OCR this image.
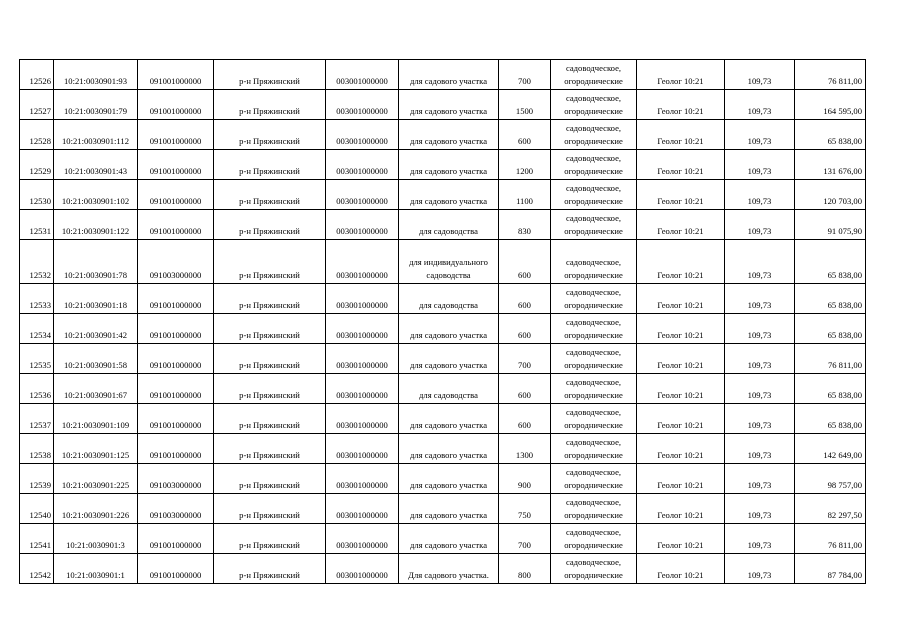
12526	10:21:0030901:93	091001000000	р-н Пряжинский	003001000000	для садового участка	700	садоводческое, огороднические	Геолог 10:21	109,73	76 811,00
12527	10:21:0030901:79	091001000000	р-н Пряжинский	003001000000	для садового участка	1500	садоводческое, огороднические	Геолог 10:21	109,73	164 595,00
12528	10:21:0030901:112	091001000000	р-н Пряжинский	003001000000	для садового участка	600	садоводческое, огороднические	Геолог 10:21	109,73	65 838,00
12529	10:21:0030901:43	091001000000	р-н Пряжинский	003001000000	для садового участка	1200	садоводческое, огороднические	Геолог 10:21	109,73	131 676,00
12530	10:21:0030901:102	091001000000	р-н Пряжинский	003001000000	для садового участка	1100	садоводческое, огороднические	Геолог 10:21	109,73	120 703,00
12531	10:21:0030901:122	091001000000	р-н Пряжинский	003001000000	для садоводства	830	садоводческое, огороднические	Геолог 10:21	109,73	91 075,90
12532	10:21:0030901:78	091003000000	р-н Пряжинский	003001000000	для индивидуального садоводства	600	садоводческое, огороднические	Геолог 10:21	109,73	65 838,00
12533	10:21:0030901:18	091001000000	р-н Пряжинский	003001000000	для садоводства	600	садоводческое, огороднические	Геолог 10:21	109,73	65 838,00
12534	10:21:0030901:42	091001000000	р-н Пряжинский	003001000000	для садового участка	600	садоводческое, огороднические	Геолог 10:21	109,73	65 838,00
12535	10:21:0030901:58	091001000000	р-н Пряжинский	003001000000	для садового участка	700	садоводческое, огороднические	Геолог 10:21	109,73	76 811,00
12536	10:21:0030901:67	091001000000	р-н Пряжинский	003001000000	для садоводства	600	садоводческое, огороднические	Геолог 10:21	109,73	65 838,00
12537	10:21:0030901:109	091001000000	р-н Пряжинский	003001000000	для садового участка	600	садоводческое, огороднические	Геолог 10:21	109,73	65 838,00
12538	10:21:0030901:125	091001000000	р-н Пряжинский	003001000000	для садового участка	1300	садоводческое, огороднические	Геолог 10:21	109,73	142 649,00
12539	10:21:0030901:225	091003000000	р-н Пряжинский	003001000000	для садового участка	900	садоводческое, огороднические	Геолог 10:21	109,73	98 757,00
12540	10:21:0030901:226	091003000000	р-н Пряжинский	003001000000	для садового участка	750	садоводческое, огороднические	Геолог 10:21	109,73	82 297,50
12541	10:21:0030901:3	091001000000	р-н Пряжинский	003001000000	для садового участка	700	садоводческое, огороднические	Геолог 10:21	109,73	76 811,00
12542	10:21:0030901:1	091001000000	р-н Пряжинский	003001000000	Для садового участка.	800	садоводческое, огороднические	Геолог 10:21	109,73	87 784,00
